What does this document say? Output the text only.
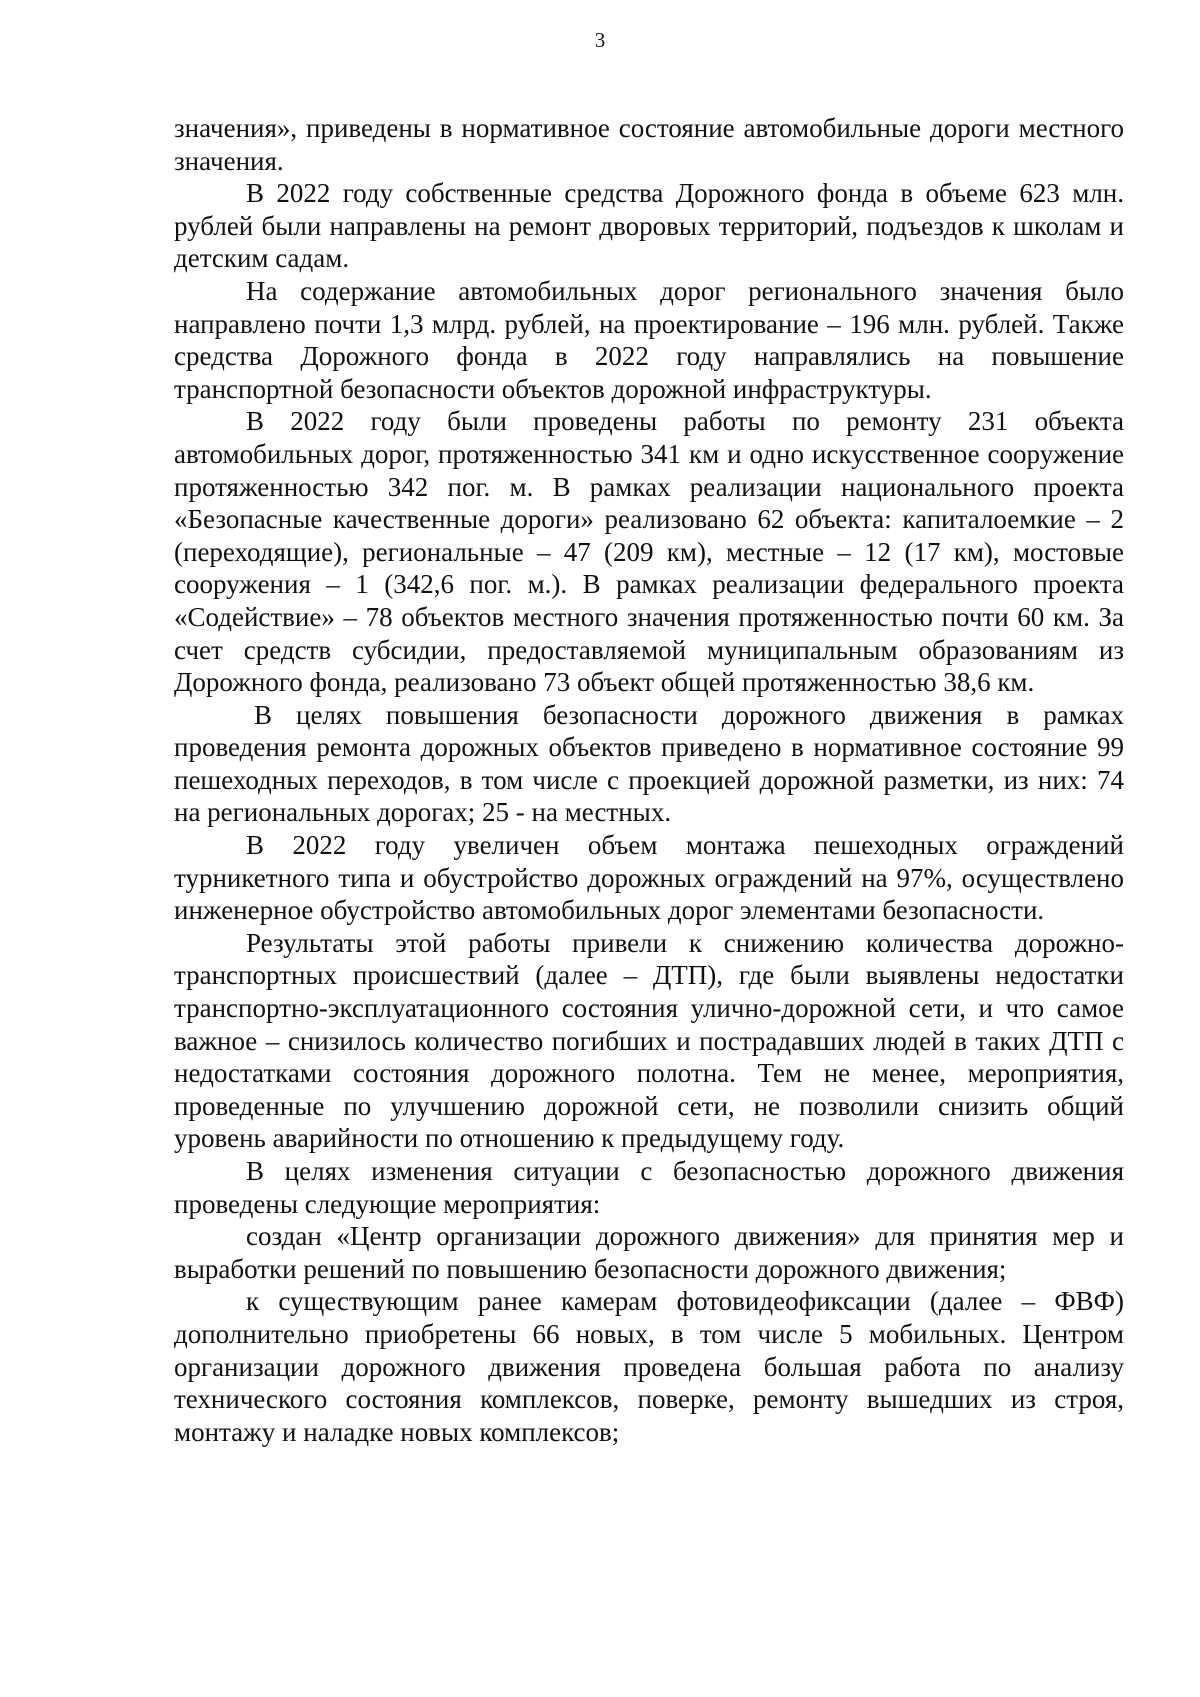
3

значения», приведены в нормативное состояние автомобильные дороги местного значения.

В 2022 году собственные средства Дорожного фонда в объеме 623 млн. рублей были направлены на ремонт дворовых территорий, подъездов к школам и детским садам.

На содержание автомобильных дорог регионального значения было направлено почти 1,3 млрд. рублей, на проектирование – 196 млн. рублей. Также средства Дорожного фонда в 2022 году направлялись на повышение транспортной безопасности объектов дорожной инфраструктуры.

В 2022 году были проведены работы по ремонту 231 объекта автомобильных дорог, протяженностью 341 км и одно искусственное сооружение протяженностью 342 пог. м. В рамках реализации национального проекта «Безопасные качественные дороги» реализовано 62 объекта: капиталоемкие – 2 (переходящие), региональные – 47 (209 км), местные – 12 (17 км), мостовые сооружения – 1 (342,6 пог. м.). В рамках реализации федерального проекта «Содействие» – 78 объектов местного значения протяженностью почти 60 км. За счет средств субсидии, предоставляемой муниципальным образованиям из Дорожного фонда, реализовано 73 объект общей протяженностью 38,6 км.

В целях повышения безопасности дорожного движения в рамках проведения ремонта дорожных объектов приведено в нормативное состояние 99 пешеходных переходов, в том числе с проекцией дорожной разметки, из них: 74 на региональных дорогах; 25 - на местных.

В 2022 году увеличен объем монтажа пешеходных ограждений турникетного типа и обустройство дорожных ограждений на 97%, осуществлено инженерное обустройство автомобильных дорог элементами безопасности.

Результаты этой работы привели к снижению количества дорожно-транспортных происшествий (далее – ДТП), где были выявлены недостатки транспортно-эксплуатационного состояния улично-дорожной сети, и что самое важное – снизилось количество погибших и пострадавших людей в таких ДТП с недостатками состояния дорожного полотна. Тем не менее, мероприятия, проведенные по улучшению дорожной сети, не позволили снизить общий уровень аварийности по отношению к предыдущему году.

В целях изменения ситуации с безопасностью дорожного движения проведены следующие мероприятия:

создан «Центр организации дорожного движения» для принятия мер и выработки решений по повышению безопасности дорожного движения;

к существующим ранее камерам фотовидеофиксации (далее – ФВФ) дополнительно приобретены 66 новых, в том числе 5 мобильных. Центром организации дорожного движения проведена большая работа по анализу технического состояния комплексов, поверке, ремонту вышедших из строя, монтажу и наладке новых комплексов;
